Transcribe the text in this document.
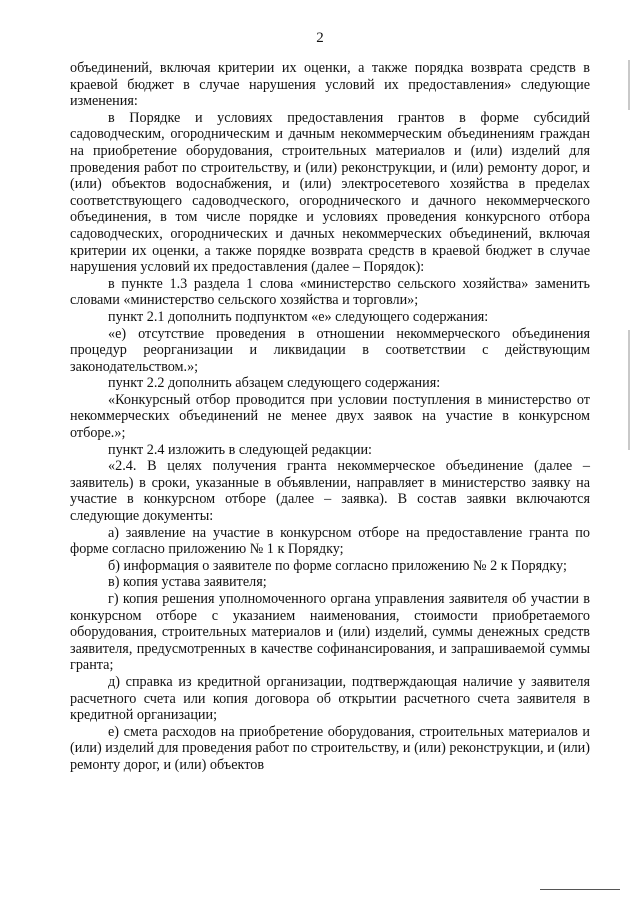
2

объединений, включая критерии их оценки, а также порядка возврата средств в краевой бюджет в случае нарушения условий их предоставления» следующие изменения:

в Порядке и условиях предоставления грантов в форме субсидий садоводческим, огородническим и дачным некоммерческим объединениям граждан на приобретение оборудования, строительных материалов и (или) изделий для проведения работ по строительству, и (или) реконструкции, и (или) ремонту дорог, и (или) объектов водоснабжения, и (или) электросетевого хозяйства в пределах соответствующего садоводческого, огороднического и дачного некоммерческого объединения, в том числе порядке и условиях проведения конкурсного отбора садоводческих, огороднических и дачных некоммерческих объединений, включая критерии их оценки, а также порядке возврата средств в краевой бюджет в случае нарушения условий их предоставления (далее – Порядок):

в пункте 1.3 раздела 1 слова «министерство сельского хозяйства» заменить словами «министерство сельского хозяйства и торговли»;

пункт 2.1 дополнить подпунктом «е» следующего содержания:

«е) отсутствие проведения в отношении некоммерческого объединения процедур реорганизации и ликвидации в соответствии с действующим законодательством.»;

пункт 2.2 дополнить абзацем следующего содержания:

«Конкурсный отбор проводится при условии поступления в министерство от некоммерческих объединений не менее двух заявок на участие в конкурсном отборе.»;

пункт 2.4 изложить в следующей редакции:

«2.4. В целях получения гранта некоммерческое объединение (далее – заявитель) в сроки, указанные в объявлении, направляет в министерство заявку на участие в конкурсном отборе (далее – заявка). В состав заявки включаются следующие документы:

а) заявление на участие в конкурсном отборе на предоставление гранта по форме согласно приложению № 1 к Порядку;

б) информация о заявителе по форме согласно приложению № 2 к Порядку;

в) копия устава заявителя;

г) копия решения уполномоченного органа управления заявителя об участии в конкурсном отборе с указанием наименования, стоимости приобретаемого оборудования, строительных материалов и (или) изделий, суммы денежных средств заявителя, предусмотренных в качестве софинансирования, и запрашиваемой суммы гранта;

д) справка из кредитной организации, подтверждающая наличие у заявителя расчетного счета или копия договора об открытии расчетного счета заявителя в кредитной организации;

е) смета расходов на приобретение оборудования, строительных материалов и (или) изделий для проведения работ по строительству, и (или) реконструкции, и (или) ремонту дорог, и (или) объектов
